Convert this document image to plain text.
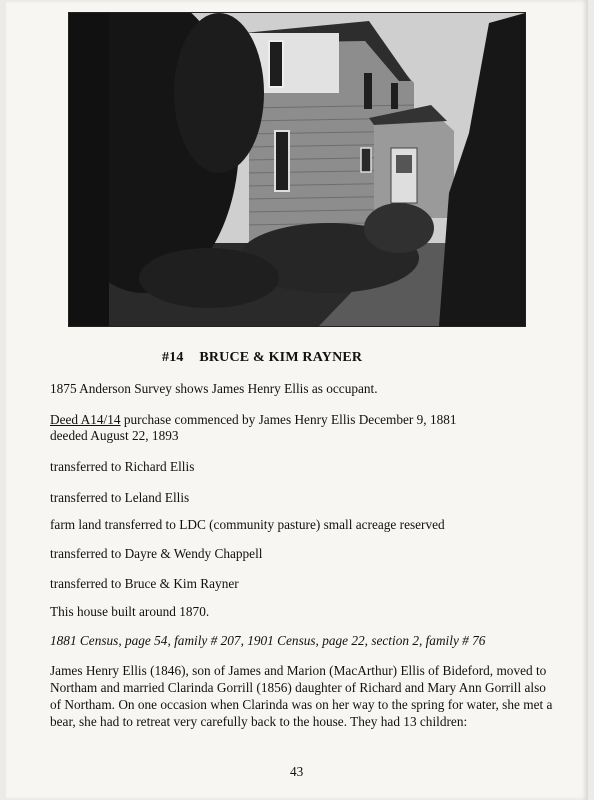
#14 BRUCE & KIM RAYNER
1875 Anderson Survey shows James Henry Ellis as occupant.
Deed A14/14 purchase commenced by James Henry Ellis December 9, 1881
deeded August 22, 1893
transferred to Richard Ellis
transferred to Leland Ellis
farm land transferred to LDC (community pasture) small acreage reserved
transferred to Dayre & Wendy Chappell
transferred to Bruce & Kim Rayner
This house built around 1870.
1881 Census, page 54, family # 207, 1901 Census, page 22, section 2, family # 76
James Henry Ellis (1846), son of James and Marion (MacArthur) Ellis of Bideford, moved to Northam and married Clarinda Gorrill (1856) daughter of Richard and Mary Ann Gorrill also of Northam. On one occasion when Clarinda was on her way to the spring for water, she met a bear, she had to retreat very carefully back to the house. They had 13 children:
43
